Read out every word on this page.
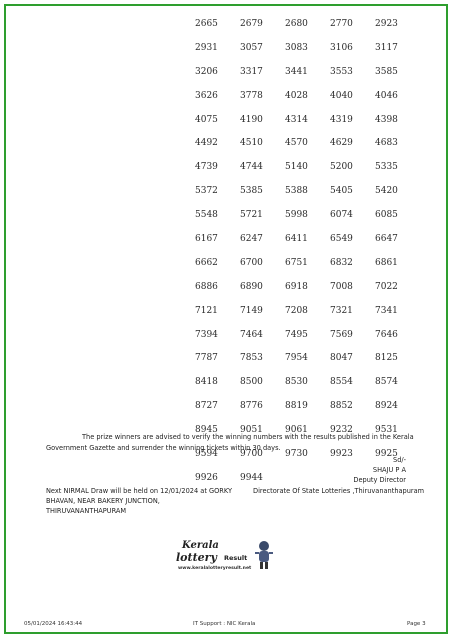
2665	2679	2680	2770	2923
2931	3057	3083	3106	3117
3206	3317	3441	3553	3585
3626	3778	4028	4040	4046
4075	4190	4314	4319	4398
4492	4510	4570	4629	4683
4739	4744	5140	5200	5335
5372	5385	5388	5405	5420
5548	5721	5998	6074	6085
6167	6247	6411	6549	6647
6662	6700	6751	6832	6861
6886	6890	6918	7008	7022
7121	7149	7208	7321	7341
7394	7464	7495	7569	7646
7787	7853	7954	8047	8125
8418	8500	8530	8554	8574
8727	8776	8819	8852	8924
8945	9051	9061	9232	9531
9594	9700	9730	9923	9925
9926	9944
The prize winners are advised to verify the winning numbers with the results published in the Kerala
Government Gazette and surrender the winning tickets within 30 days.
Sd/-
SHAJU P A
Deputy Director
Next NIRMAL Draw will be held on 12/01/2024 at GORKY
BHAVAN, NEAR BAKERY JUNCTION,
THIRUVANANTHAPURAM
Directorate Of State Lotteries ,Thiruvananthapuram
Kerala
lottery Result
www.keralalotteryresult.net
05/01/2024 16:43:44	IT Support : NIC Kerala	Page 3
